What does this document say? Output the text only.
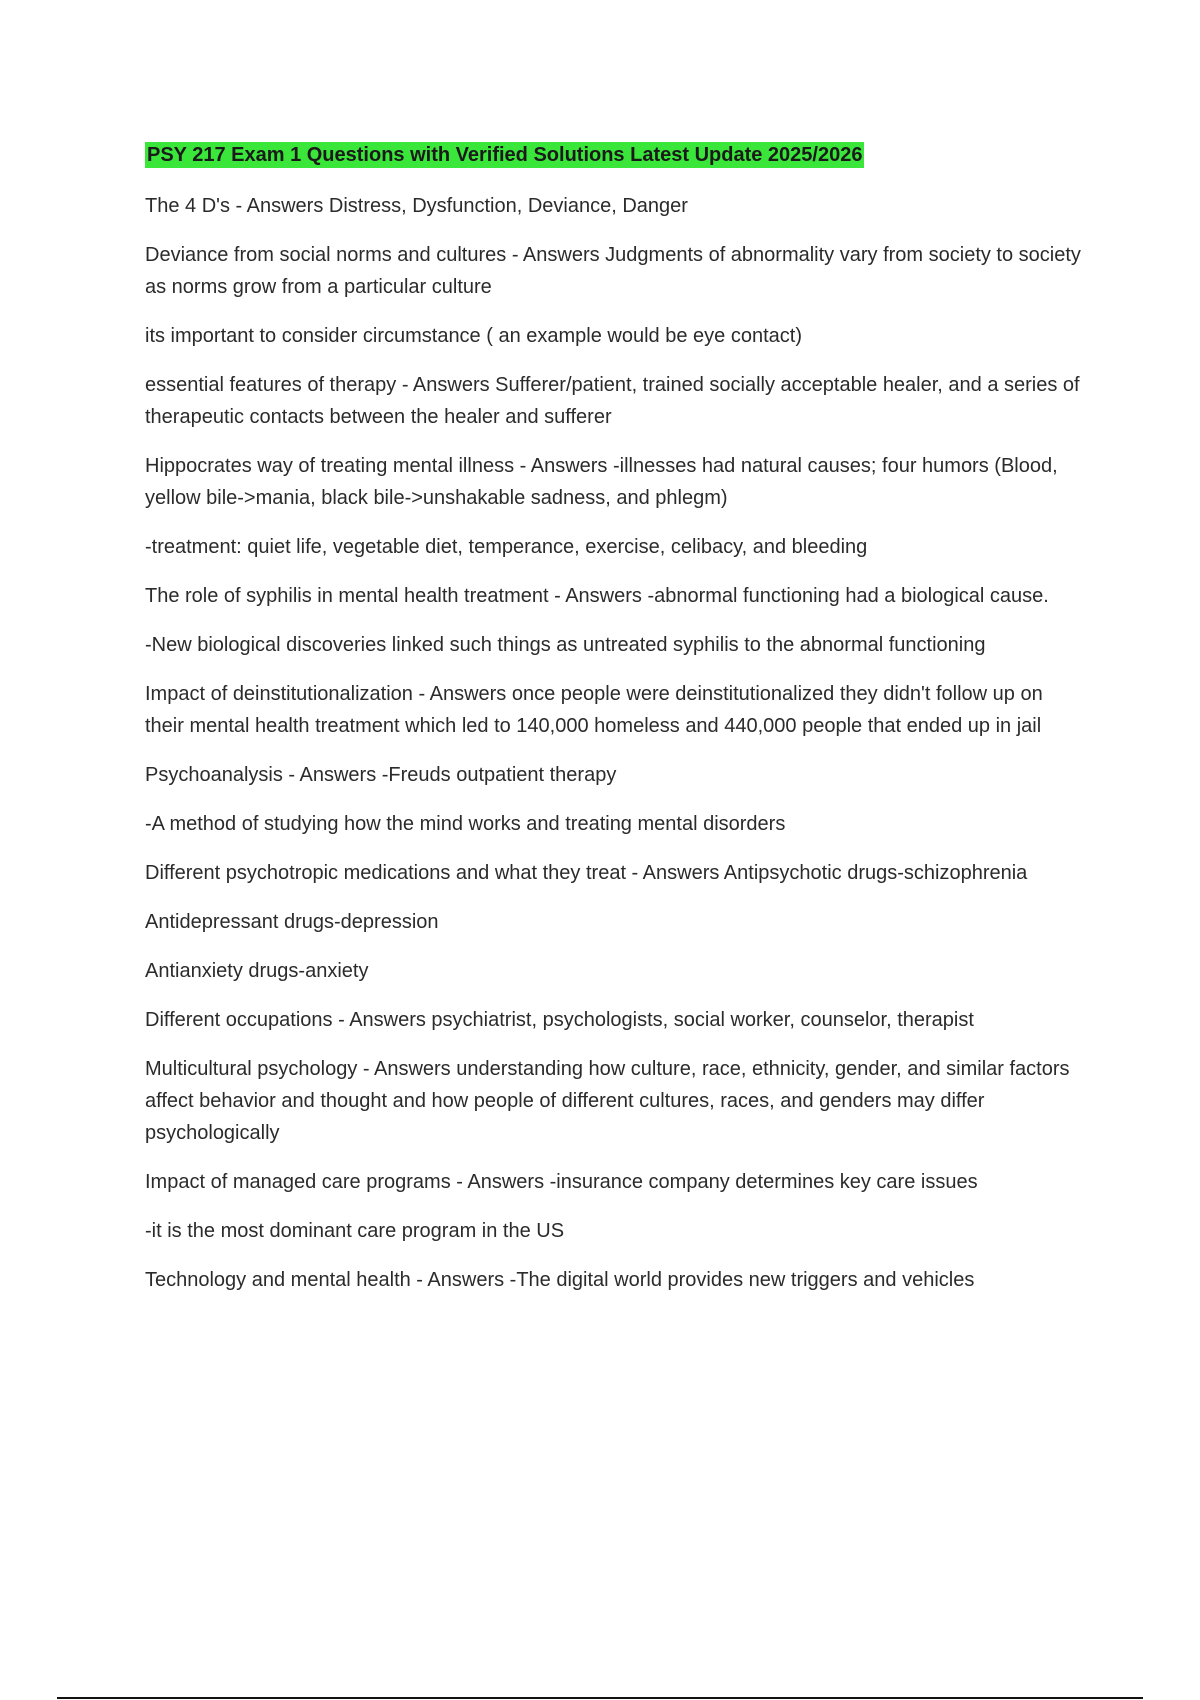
PSY 217 Exam 1 Questions with Verified Solutions Latest Update 2025/2026

The 4 D's - Answers Distress, Dysfunction, Deviance, Danger

Deviance from social norms and cultures - Answers Judgments of abnormality vary from society to society as norms grow from a particular culture

its important to consider circumstance ( an example would be eye contact)

essential features of therapy - Answers Sufferer/patient, trained socially acceptable healer, and a series of therapeutic contacts between the healer and sufferer

Hippocrates way of treating mental illness - Answers -illnesses had natural causes; four humors (Blood, yellow bile->mania, black bile->unshakable sadness, and phlegm)

-treatment: quiet life, vegetable diet, temperance, exercise, celibacy, and bleeding

The role of syphilis in mental health treatment - Answers -abnormal functioning had a biological cause.

-New biological discoveries linked such things as untreated syphilis to the abnormal functioning

Impact of deinstitutionalization - Answers once people were deinstitutionalized they didn't follow up on their mental health treatment which led to 140,000 homeless and 440,000 people that ended up in jail

Psychoanalysis - Answers -Freuds outpatient therapy

-A method of studying how the mind works and treating mental disorders

Different psychotropic medications and what they treat - Answers Antipsychotic drugs-schizophrenia

Antidepressant drugs-depression

Antianxiety drugs-anxiety

Different occupations - Answers psychiatrist, psychologists, social worker, counselor, therapist

Multicultural psychology - Answers understanding how culture, race, ethnicity, gender, and similar factors affect behavior and thought and how people of different cultures, races, and genders may differ psychologically

Impact of managed care programs - Answers -insurance company determines key care issues

-it is the most dominant care program in the US

Technology and mental health - Answers -The digital world provides new triggers and vehicles
